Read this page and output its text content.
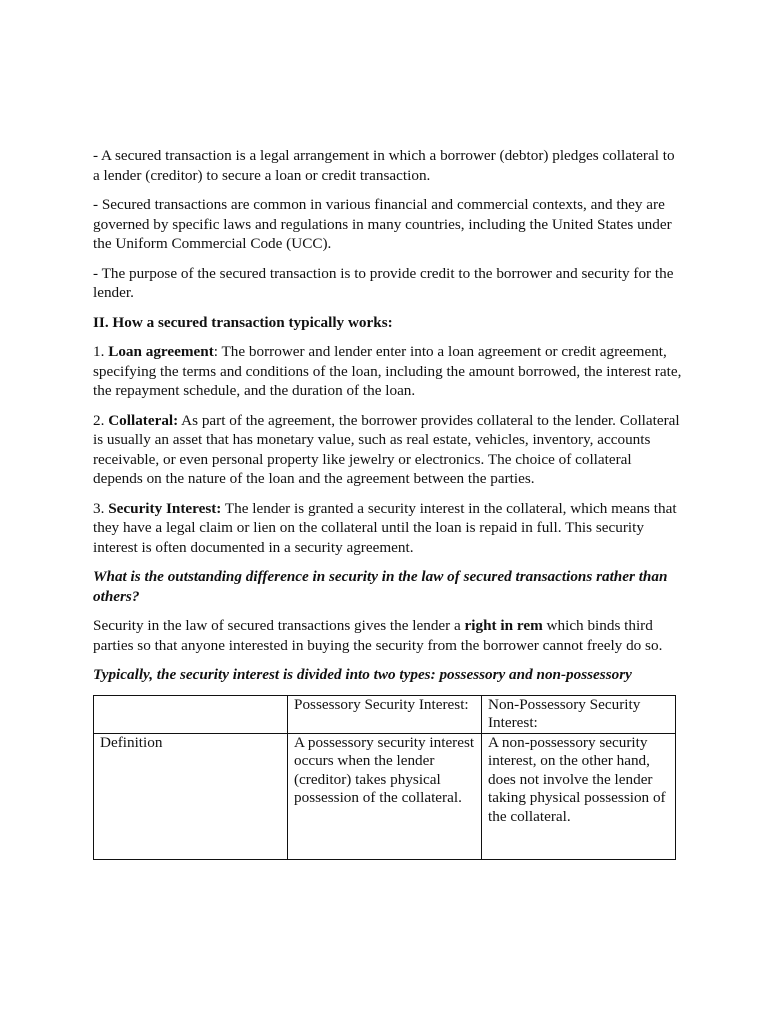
- A secured transaction is a legal arrangement in which a borrower (debtor) pledges collateral to a lender (creditor) to secure a loan or credit transaction.

- Secured transactions are common in various financial and commercial contexts, and they are governed by specific laws and regulations in many countries, including the United States under the Uniform Commercial Code (UCC).

- The purpose of the secured transaction is to provide credit to the borrower and security for the lender.

II. How a secured transaction typically works:

1. Loan agreement: The borrower and lender enter into a loan agreement or credit agreement, specifying the terms and conditions of the loan, including the amount borrowed, the interest rate, the repayment schedule, and the duration of the loan.

2. Collateral: As part of the agreement, the borrower provides collateral to the lender. Collateral is usually an asset that has monetary value, such as real estate, vehicles, inventory, accounts receivable, or even personal property like jewelry or electronics. The choice of collateral depends on the nature of the loan and the agreement between the parties.

3. Security Interest: The lender is granted a security interest in the collateral, which means that they have a legal claim or lien on the collateral until the loan is repaid in full. This security interest is often documented in a security agreement.

What is the outstanding difference in security in the law of secured transactions rather than others?

Security in the law of secured transactions gives the lender a right in rem which binds third parties so that anyone interested in buying the security from the borrower cannot freely do so.

Typically, the security interest is divided into two types: possessory and non-possessory

	Possessory Security Interest:	Non-Possessory Security Interest:
Definition	A possessory security interest occurs when the lender (creditor) takes physical possession of the collateral.	A non-possessory security interest, on the other hand, does not involve the lender taking physical possession of the collateral.
